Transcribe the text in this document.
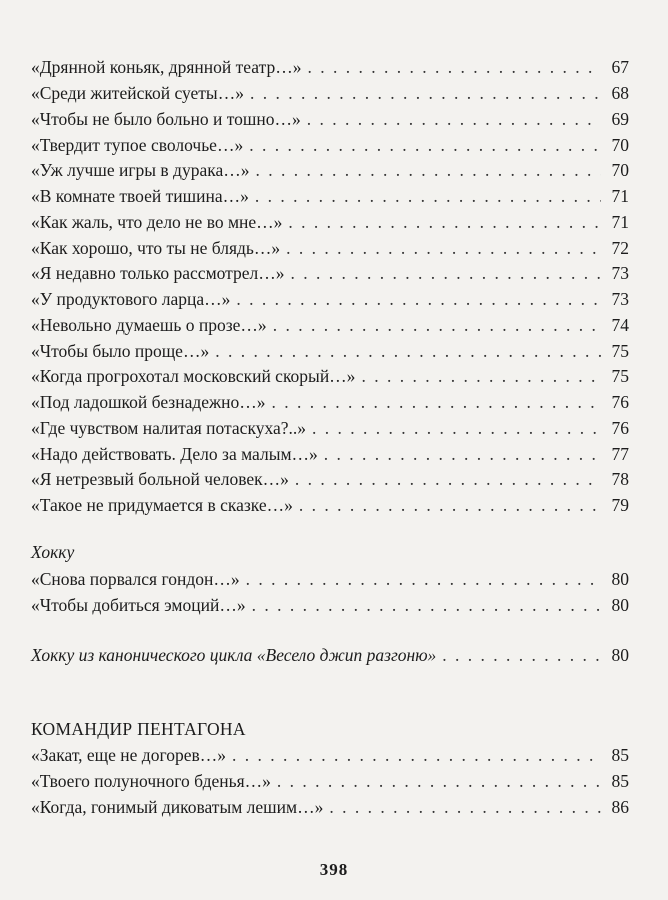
«Дрянной коньяк, дрянной театр…» . . .	67
«Среди житейской суеты…» . . .	68
«Чтобы не было больно и тошно…» . . .	69
«Твердит тупое сволочье…» . . .	70
«Уж лучше игры в дурака…» . . .	70
«В комнате твоей тишина…» . . .	71
«Как жаль, что дело не во мне…» . . .	71
«Как хорошо, что ты не блядь…» . . .	72
«Я недавно только рассмотрел…» . . .	73
«У продуктового ларца…» . . .	73
«Невольно думаешь о прозе…» . . .	74
«Чтобы было проще…» . . .	75
«Когда прогрохотал московский скорый…» . . .	75
«Под ладошкой безнадежно…» . . .	76
«Где чувством налитая потаскуха?..» . . .	76
«Надо действовать. Дело за малым…» . . .	77
«Я нетрезвый больной человек…» . . .	78
«Такое не придумается в сказке…» . . .	79
Хокку
«Снова порвался гондон…» . . .	80
«Чтобы добиться эмоций…» . . .	80
Хокку из канонического цикла «Весело джип разгоню» . . .	80
КОМАНДИР ПЕНТАГОНА
«Закат, еще не догорев…» . . .	85
«Твоего полуночного бденья…» . . .	85
«Когда, гонимый диковатым лешим…» . . .	86
398
